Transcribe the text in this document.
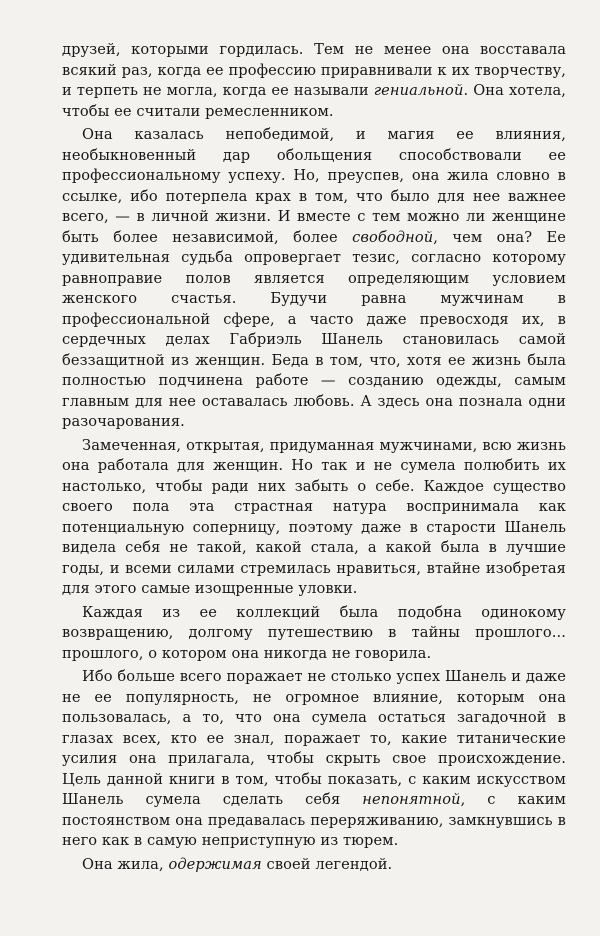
друзей, которыми гордилась. Тем не менее она восставала всякий раз, когда ее профессию приравнивали к их творчеству, и терпеть не могла, когда ее называли гениальной. Она хотела, чтобы ее считали ремесленником.

Она казалась непобедимой, и магия ее влияния, необыкновенный дар обольщения способствовали ее профессиональному успеху. Но, преуспев, она жила словно в ссылке, ибо потерпела крах в том, что было для нее важнее всего, — в личной жизни. И вместе с тем можно ли женщине быть более независимой, более свободной, чем она? Ее удивительная судьба опровергает тезис, согласно которому равноправие полов является определяющим условием женского счастья. Будучи равна мужчинам в профессиональной сфере, а часто даже превосходя их, в сердечных делах Габриэль Шанель становилась самой беззащитной из женщин. Беда в том, что, хотя ее жизнь была полностью подчинена работе — созданию одежды, самым главным для нее оставалась любовь. А здесь она познала одни разочарования.

Замеченная, открытая, придуманная мужчинами, всю жизнь она работала для женщин. Но так и не сумела полюбить их настолько, чтобы ради них забыть о себе. Каждое существо своего пола эта страстная натура воспринимала как потенциальную соперницу, поэтому даже в старости Шанель видела себя не такой, какой стала, а какой была в лучшие годы, и всеми силами стремилась нравиться, втайне изобретая для этого самые изощренные уловки.

Каждая из ее коллекций была подобна одинокому возвращению, долгому путешествию в тайны прошлого... прошлого, о котором она никогда не говорила.

Ибо больше всего поражает не столько успех Шанель и даже не ее популярность, не огромное влияние, которым она пользовалась, а то, что она сумела остаться загадочной в глазах всех, кто ее знал, поражает то, какие титанические усилия она прилагала, чтобы скрыть свое происхождение. Цель данной книги в том, чтобы показать, с каким искусством Шанель сумела сделать себя непонятной, с каким постоянством она предавалась переряживанию, замкнувшись в него как в самую неприступную из тюрем.

Она жила, одержимая своей легендой.
